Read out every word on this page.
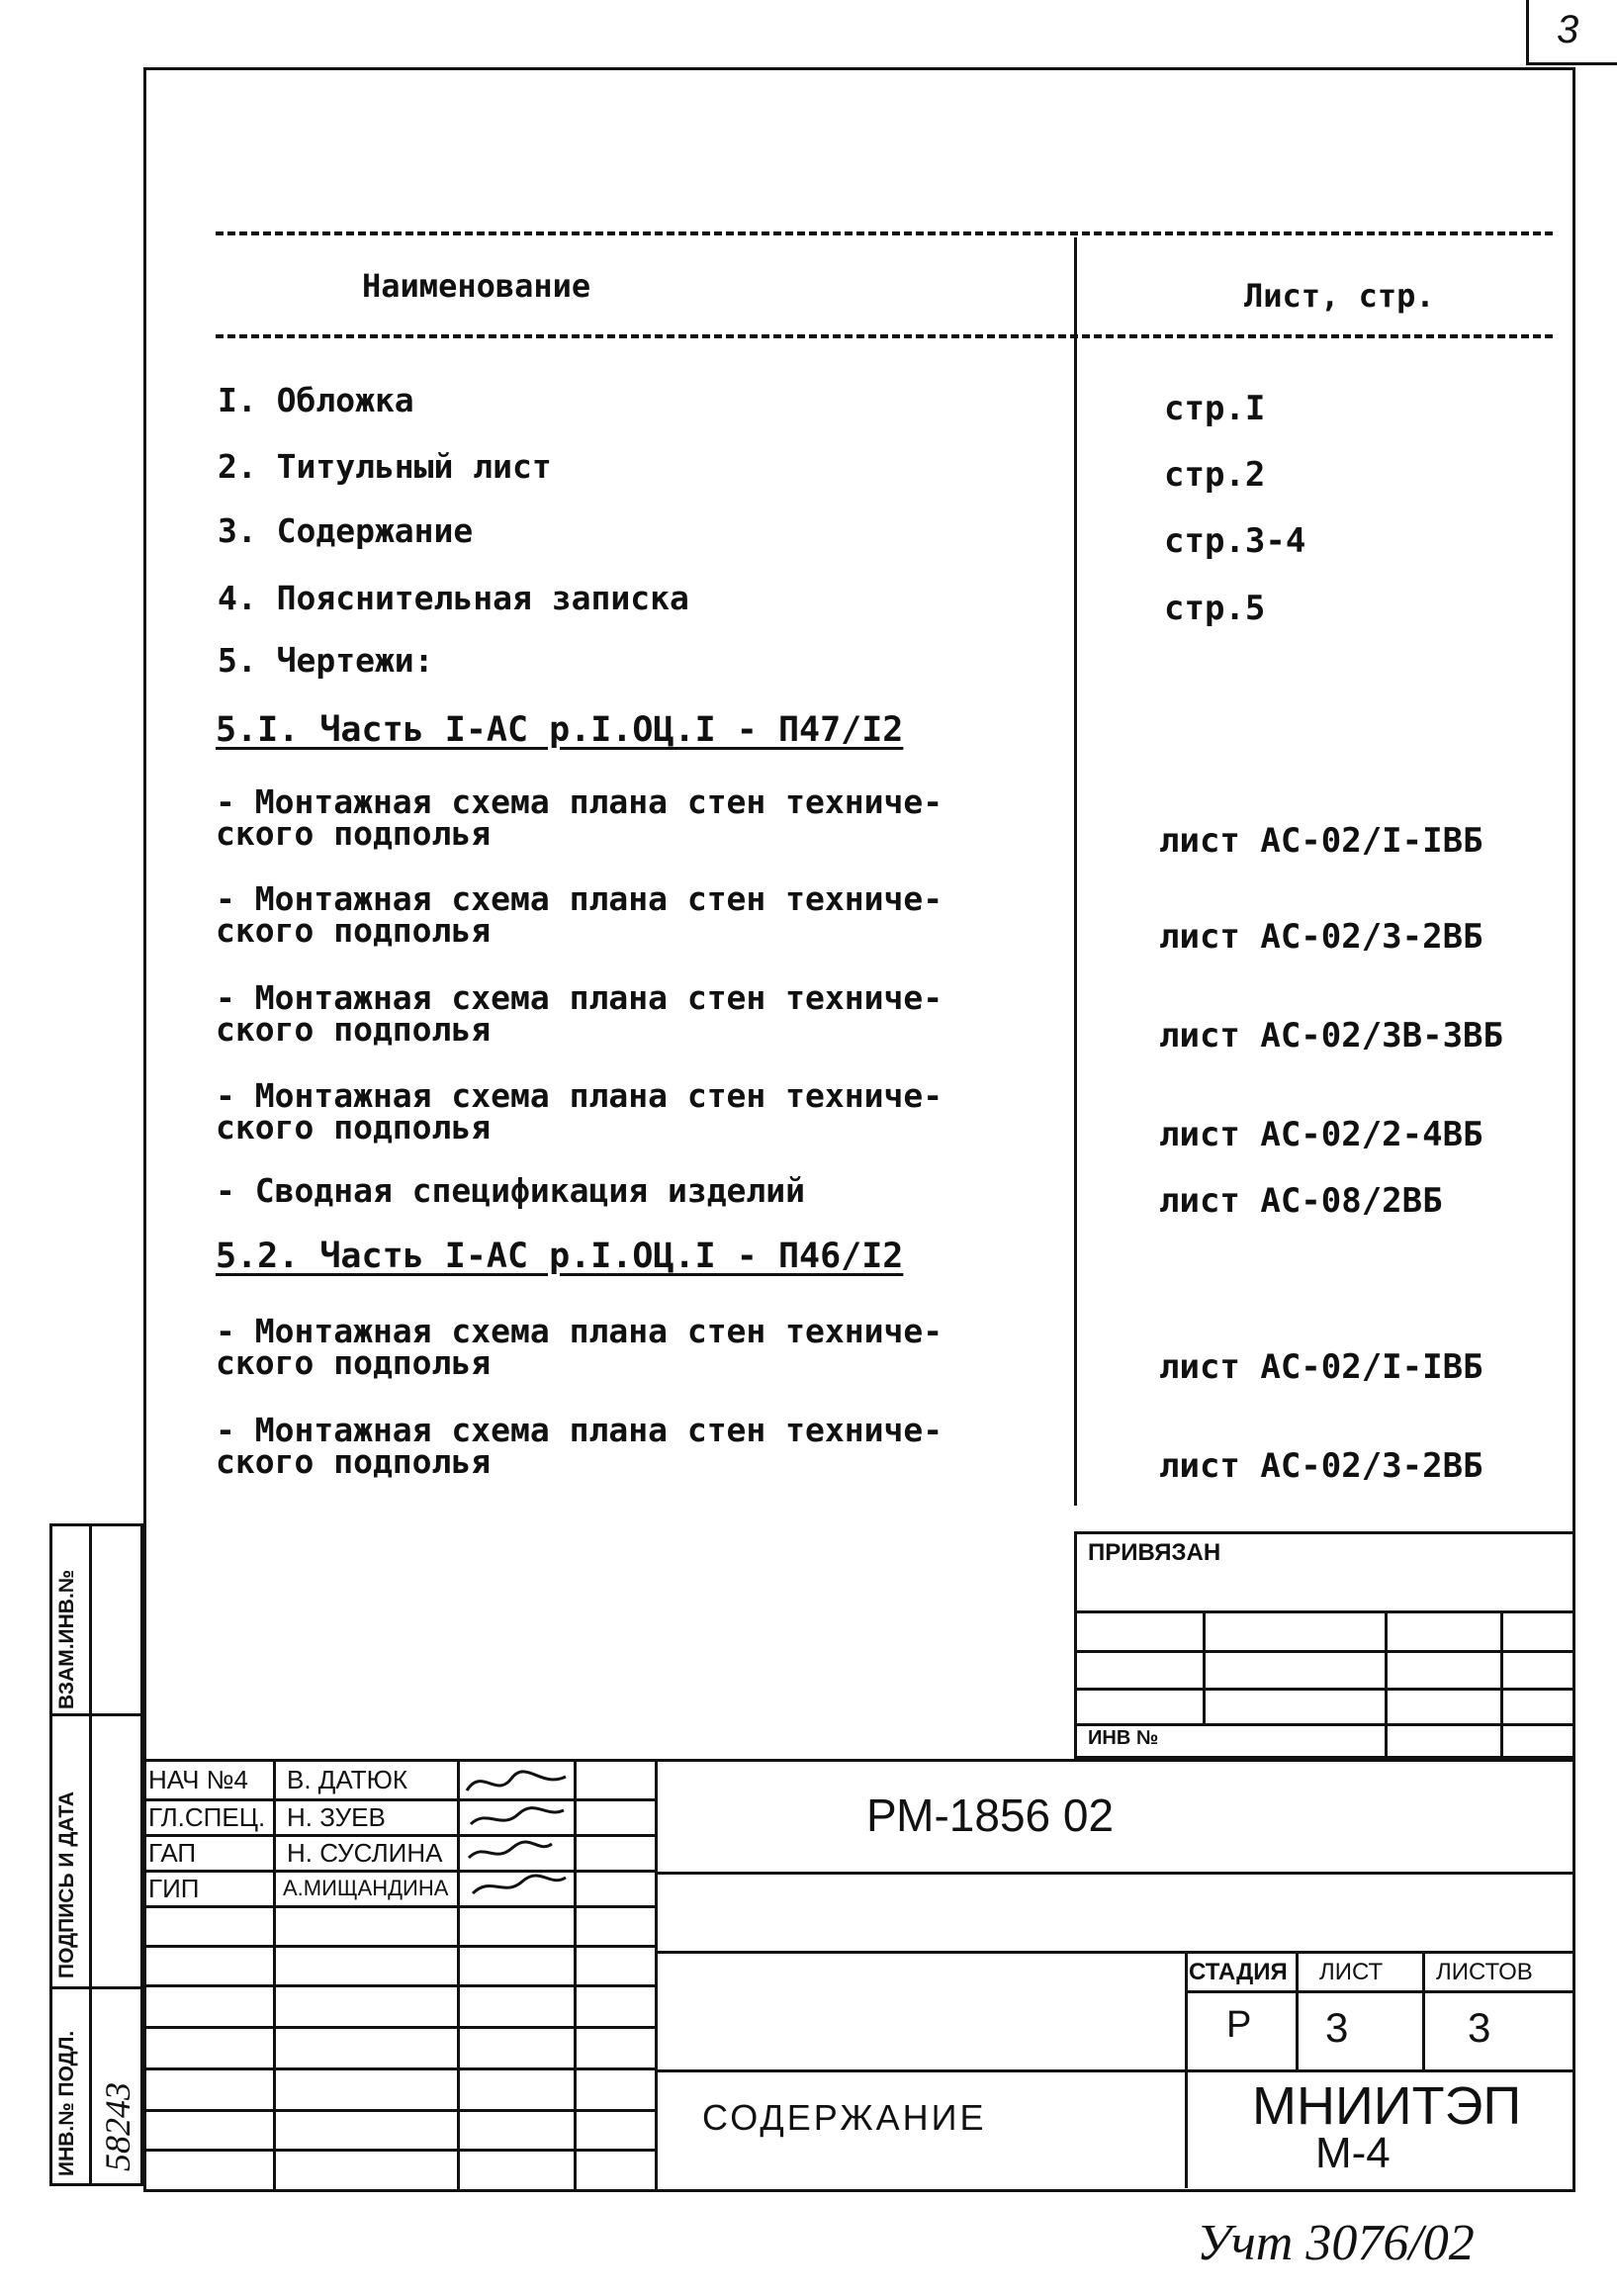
3
Наименование	Лист, стр.
I. Обложка	стр.I
2. Титульный лист	стр.2
3. Содержание	стр.3-4
4. Пояснительная записка	стр.5
5. Чертежи:
5.I. Часть I-АС р.I.ОЦ.I - П47/I2
- Монтажная схема плана стен техниче-
ского подполья	лист АС-02/I-IВБ
- Монтажная схема плана стен техниче-
ского подполья	лист АС-02/3-2ВБ
- Монтажная схема плана стен техниче-
ского подполья	лист АС-02/3В-3ВБ
- Монтажная схема плана стен техниче-
ского подполья	лист АС-02/2-4ВБ
- Сводная спецификация изделий	лист АС-08/2ВБ
5.2. Часть I-АС р.I.ОЦ.I - П46/I2
- Монтажная схема плана стен техниче-
ского подполья	лист АС-02/I-IВБ
- Монтажная схема плана стен техниче-
ского подполья	лист АС-02/3-2ВБ
ПРИВЯЗАН
ИНВ №
ВЗАМ.ИНВ.№
ПОДПИСЬ И ДАТА
ИНВ.№ ПОДЛ. 58243
НАЧ №4 В. ДАТЮК
ГЛ.СПЕЦ. Н. ЗУЕВ
ГАП	Н. СУСЛИНА
ГИП	А.МИЩАНДИНА
РМ-1856 02
СТАДИЯ ЛИСТ ЛИСТОВ
Р 3	3
СОДЕРЖАНИЕ	МНИИТЭП
М-4
Учт 3076/02
